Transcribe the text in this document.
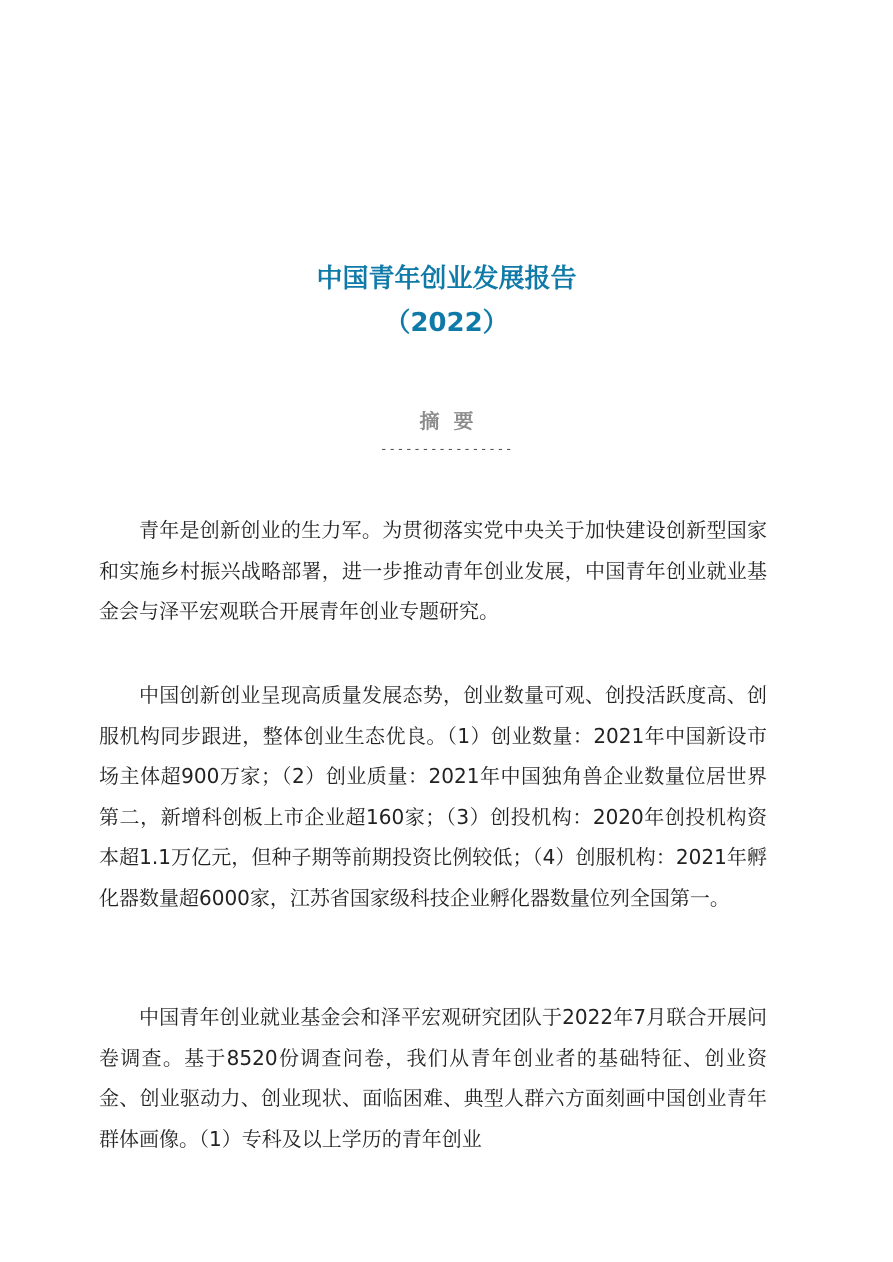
中国青年创业发展报告
（2022）
摘要
----------------

青年是创新创业的生力军。为贯彻落实党中央关于加快建设创新型国家和实施乡村振兴战略部署，进一步推动青年创业发展，中国青年创业就业基金会与泽平宏观联合开展青年创业专题研究。

中国创新创业呈现高质量发展态势，创业数量可观、创投活跃度高、创服机构同步跟进，整体创业生态优良。（1）创业数量：2021年中国新设市场主体超900万家；（2）创业质量：2021年中国独角兽企业数量位居世界第二，新增科创板上市企业超160家；（3）创投机构：2020年创投机构资本超1.1万亿元，但种子期等前期投资比例较低；（4）创服机构：2021年孵化器数量超6000家，江苏省国家级科技企业孵化器数量位列全国第一。

中国青年创业就业基金会和泽平宏观研究团队于2022年7月联合开展问卷调查。基于8520份调查问卷，我们从青年创业者的基础特征、创业资金、创业驱动力、创业现状、面临困难、典型人群六方面刻画中国创业青年群体画像。（1）专科及以上学历的青年创业
